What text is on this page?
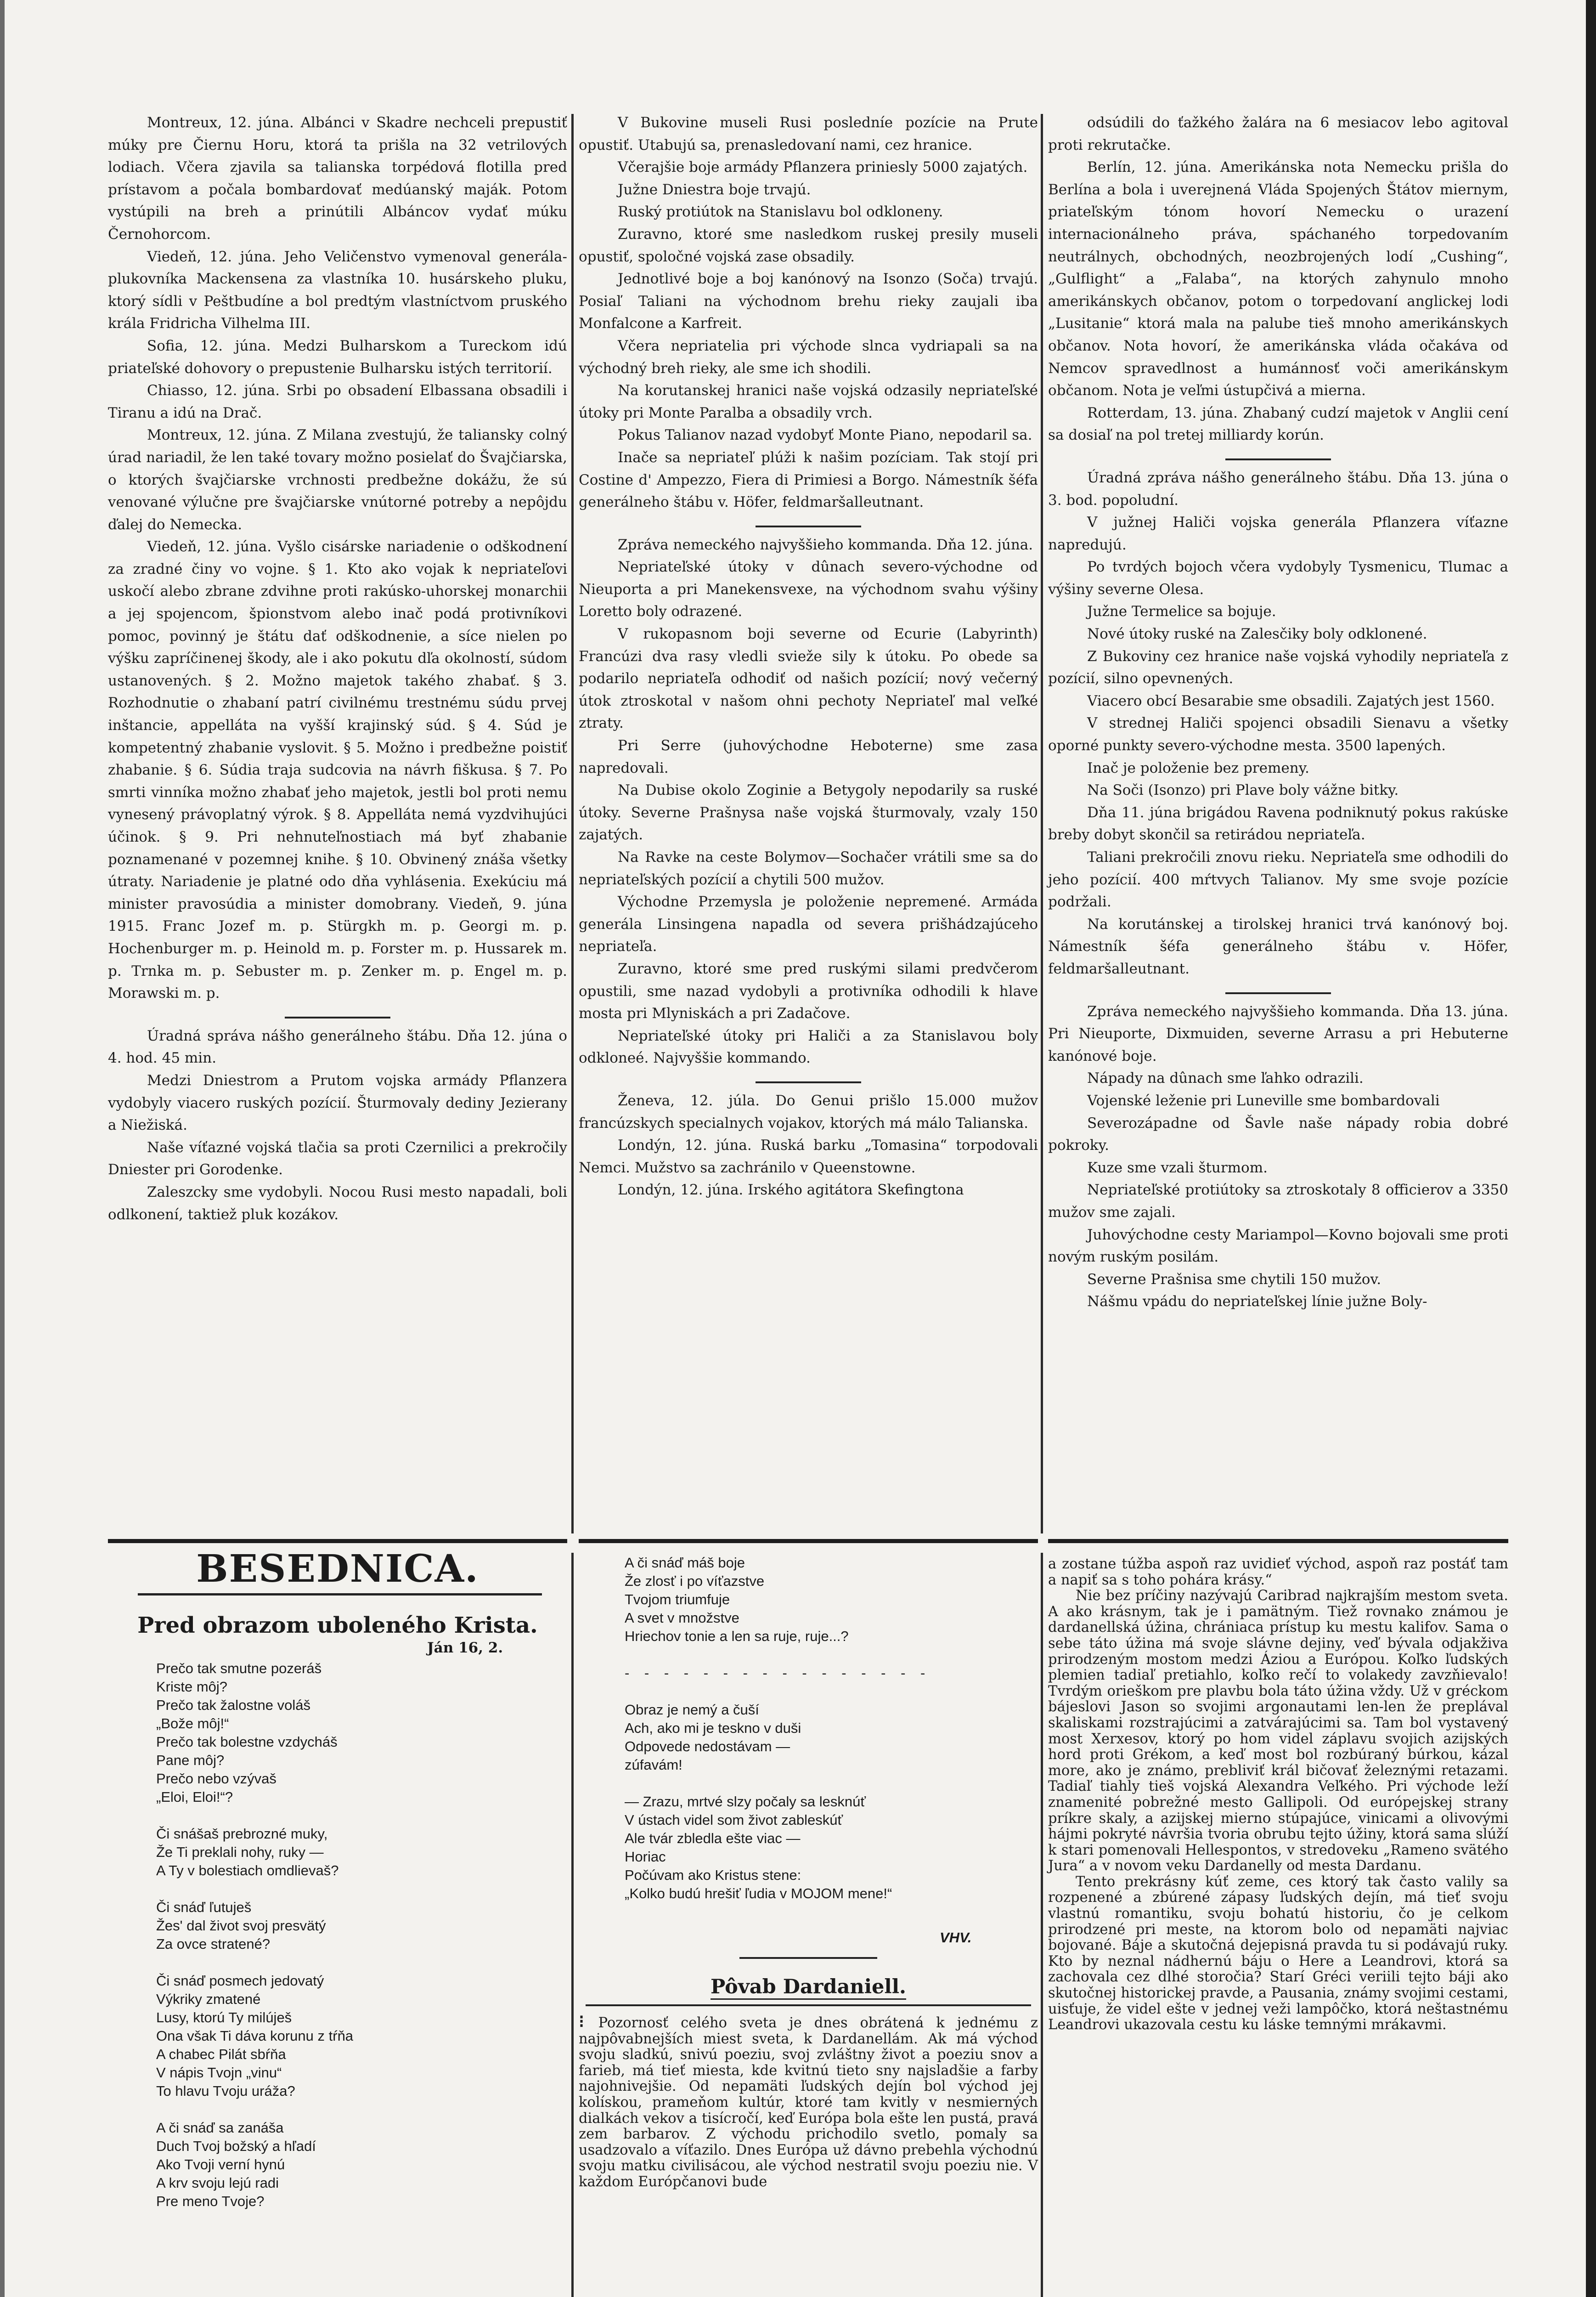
Montreux, 12. júna. Albánci v Skadre nechceli prepustiť múky pre Čiernu Horu, ktorá ta prišla na 32 vetrilových lodiach. Včera zjavila sa talianska torpédová flotilla pred prístavom a počala bombardovať medúanský maják. Potom vystúpili na breh a prinútili Albáncov vydať múku Černohorcom.

Viedeň, 12. júna. Jeho Veličenstvo vymenoval generála-plukovníka Mackensena za vlastníka 10. husárskeho pluku, ktorý sídli v Peštbudíne a bol predtým vlastníctvom pruského krála Fridricha Vilhelma III.

Sofia, 12. júna. Medzi Bulharskom a Tureckom idú priateľské dohovory o prepustenie Bulharsku istých territorií.

Chiasso, 12. júna. Srbi po obsadení Elbassana obsadili i Tiranu a idú na Drač.

Montreux, 12. júna. Z Milana zvestujú, že taliansky colný úrad nariadil, že len také tovary možno posielať do Švajčiarska, o ktorých švajčiarske vrchnosti predbežne dokážu, že sú venované výlučne pre švajčiarske vnútorné potreby a nepôjdu ďalej do Nemecka.

Viedeň, 12. júna. Vyšlo cisárske nariadenie o odškodnení za zradné činy vo vojne. § 1. Kto ako vojak k nepriateľovi uskočí alebo zbrane zdvihne proti rakúsko-uhorskej monarchii a jej spojencom, špionstvom alebo inač podá protivníkovi pomoc, povinný je štátu dať odškodnenie, a síce nielen po výšku zapríčinenej škody, ale i ako pokutu dľa okolností, súdom ustanovených. § 2. Možno majetok takého zhabať. § 3. Rozhodnutie o zhabaní patrí civilnému trestnému súdu prvej inštancie, appelláta na vyšší krajinský súd. § 4. Súd je kompetentný zhabanie vyslovit. § 5. Možno i predbežne poistiť zhabanie. § 6. Súdia traja sudcovia na návrh fiškusa. § 7. Po smrti vinníka možno zhabať jeho majetok, jestli bol proti nemu vynesený právoplatný výrok. § 8. Appelláta nemá vyzdvihujúci účinok. § 9. Pri nehnuteľnostiach má byť zhabanie poznamenané v pozemnej knihe. § 10. Obvinený znáša všetky útraty. Nariadenie je platné odo dňa vyhlásenia. Exekúciu má minister pravosúdia a minister domobrany. Viedeň, 9. júna 1915. Franc Jozef m. p. Stürgkh m. p. Georgi m. p. Hochenburger m. p. Heinold m. p. Forster m. p. Hussarek m. p. Trnka m. p. Sebuster m. p. Zenker m. p. Engel m. p. Morawski m. p.

Úradná správa nášho generálneho štábu. Dňa 12. júna o 4. hod. 45 min.

Medzi Dniestrom a Prutom vojska armády Pflanzera vydobyly viacero ruských pozícií. Šturmovaly dediny Jezierany a Niežiská.

Naše víťazné vojská tlačia sa proti Czernilici a prekročily Dniester pri Gorodenke.

Zaleszcky sme vydobyli. Nocou Rusi mesto napadali, boli odlkonení, taktiež pluk kozákov.

V Bukovine museli Rusi posledníe pozície na Prute opustiť. Utabujú sa, prenasledovaní nami, cez hranice.

Včerajšie boje armády Pflanzera priniesly 5000 zajatých.

Južne Dniestra boje trvajú.

Ruský protiútok na Stanislavu bol odkloneny.

Zuravno, ktoré sme nasledkom ruskej presily museli opustiť, spoločné vojská zase obsadily.

Jednotlivé boje a boj kanónový na Isonzo (Soča) trvajú. Posiaľ Taliani na východnom brehu rieky zaujali iba Monfalcone a Karfreit.

Včera nepriatelia pri východe slnca vydriapali sa na východný breh rieky, ale sme ich shodili.

Na korutanskej hranici naše vojská odzasily nepriateľské útoky pri Monte Paralba a obsadily vrch.

Pokus Talianov nazad vydobyť Monte Piano, nepodaril sa.

Inače sa nepriateľ plúži k našim pozíciam. Tak stojí pri Costine d' Ampezzo, Fiera di Primiesi a Borgo. Námestník šéfa generálneho štábu v. Höfer, feldmaršalleutnant.

Zpráva nemeckého najvyššieho kommanda. Dňa 12. júna.

Nepriateľské útoky v dûnach severo-východne od Nieuporta a pri Manekensvexe, na východnom svahu výšiny Loretto boly odrazené.

V rukopasnom boji severne od Ecurie (Labyrinth) Francúzi dva rasy vledli svieže sily k útoku. Po obede sa podarilo nepriateľa odhodiť od našich pozícií; nový večerný útok ztroskotal v našom ohni pechoty Nepriateľ mal veľké ztraty.

Pri Serre (juhovýchodne Heboterne) sme zasa napredovali.

Na Dubise okolo Zoginie a Betygoly nepodarily sa ruské útoky. Severne Prašnysa naše vojská šturmovaly, vzaly 150 zajatých.

Na Ravke na ceste Bolymov—Sochačer vrátili sme sa do nepriateľských pozícií a chytili 500 mužov.

Východne Przemysla je položenie nepremené. Armáda generála Linsingena napadla od severa prišhádzajúceho nepriateľa.

Zuravno, ktoré sme pred ruskými silami predvčerom opustili, sme nazad vydobyli a protivníka odhodili k hlave mosta pri Mlyniskách a pri Zadačove.

Nepriateľské útoky pri Haliči a za Stanislavou boly odkloneé. Najvyššie kommando.

Ženeva, 12. júla. Do Genui prišlo 15.000 mužov francúzskych specialnych vojakov, ktorých má málo Talianska.

Londýn, 12. júna. Ruská barku „Tomasina“ torpodovali Nemci. Mužstvo sa zachránilo v Queenstowne.

Londýn, 12. júna. Irského agitátora Skefingtona

odsúdili do ťažkého žalára na 6 mesiacov lebo agitoval proti rekrutačke.

Berlín, 12. júna. Amerikánska nota Nemecku prišla do Berlína a bola i uverejnená Vláda Spojených Štátov miernym, priateľským tónom hovorí Nemecku o urazení internacionálneho práva, spáchaného torpedovaním neutrálnych, obchodných, neozbrojených lodí „Cushing“, „Gulflight“ a „Falaba“, na ktorých zahynulo mnoho amerikánskych občanov, potom o torpedovaní anglickej lodi „Lusitanie“ ktorá mala na palube tieš mnoho amerikánskych občanov. Nota hovorí, že amerikánska vláda očakáva od Nemcov spravedlnost a humánnosť voči amerikánskym občanom. Nota je veľmi ústupčivá a mierna.

Rotterdam, 13. júna. Zhabaný cudzí majetok v Anglii cení sa dosiaľ na pol tretej milliardy korún.

Úradná zpráva nášho generálneho štábu. Dňa 13. júna o 3. bod. popoludní.

V južnej Haliči vojska generála Pflanzera víťazne napredujú.

Po tvrdých bojoch včera vydobyly Tysmenicu, Tlumac a výšiny severne Olesa.

Južne Termelice sa bojuje.

Nové útoky ruské na Zalesčiky boly odklonené.

Z Bukoviny cez hranice naše vojská vyhodily nepriateľa z pozícií, silno opevnených.

Viacero obcí Besarabie sme obsadili. Zajatých jest 1560.

V strednej Haliči spojenci obsadili Sienavu a všetky oporné punkty severo-východne mesta. 3500 lapených.

Inač je položenie bez premeny.

Na Soči (Isonzo) pri Plave boly vážne bitky.

Dňa 11. júna brigádou Ravena podniknutý pokus rakúske breby dobyt skončil sa retirádou nepriateľa.

Taliani prekročili znovu rieku. Nepriateľa sme odhodili do jeho pozícií. 400 mŕtvych Talianov. My sme svoje pozície podržali.

Na korutánskej a tirolskej hranici trvá kanónový boj. Námestník šéfa generálneho štábu v. Höfer, feldmaršalleutnant.

Zpráva nemeckého najvyššieho kommanda. Dňa 13. júna. Pri Nieuporte, Dixmuiden, severne Arrasu a pri Hebuterne kanónové boje.

Nápady na dûnach sme ľahko odrazili.

Vojenské leženie pri Luneville sme bombardovali

Severozápadne od Šavle naše nápady robia dobré pokroky.

Kuze sme vzali šturmom.

Nepriateľské protiútoky sa ztroskotaly 8 officierov a 3350 mužov sme zajali.

Juhovýchodne cesty Mariampol—Kovno bojovali sme proti novým ruským posilám.

Severne Prašnisa sme chytili 150 mužov.

Nášmu vpádu do nepriateľskej línie južne Boly-

BESEDNICA.
Pred obrazom uboleného Krista.
Ján 16, 2.
Prečo tak smutne pozeráš
Kriste môj?
Prečo tak žalostne voláš
„Bože môj!“
Prečo tak bolestne vzdycháš
Pane môj?
Prečo nebo vzývaš
„Eloi, Eloi!“?
Či snášaš prebrozné muky,
Že Ti preklali nohy, ruky —
A Ty v bolestiach omdlievaš?
Či snáď ľutuješ
Žes' dal život svoj presvätý
Za ovce stratené?
Či snáď posmech jedovatý
Výkriky zmatené
Lusy, ktorú Ty milúješ
Ona však Ti dáva korunu z tŕňa
A chabec Pilát sbŕňa
V nápis Tvojn „vinu“
To hlavu Tvoju uráža?
A či snáď sa zanáša
Duch Tvoj božský a hľadí
Ako Tvoji verní hynú
A krv svoju lejú radi
Pre meno Tvoje?
A či snáď máš boje
Že zlosť i po víťazstve
Tvojom triumfuje
A svet v množstve
Hriechov tonie a len sa ruje, ruje...?
- - - - - - - - - - - - - - - -
Obraz je nemý a čuší
Ach, ako mi je teskno v duši
Odpovede nedostávam —
zúfavám!
— Zrazu, mrtvé slzy počaly sa lesknúť
V ústach videl som život zableskúť
Ale tvár zbledla ešte viac —
Horiac
Počúvam ako Kristus stene:
„Kolko budú hrešiť ľudia v MOJOM mene!“
VHV.
Pôvab Dardaniell.

⁝ Pozornosť celého sveta je dnes obrátená k jednému z najpôvabnejších miest sveta, k Dardanellám. Ak má východ svoju sladkú, snivú poeziu, svoj zvláštny život a poeziu snov a farieb, má tieť miesta, kde kvitnú tieto sny najsladšie a farby najohnivejšie. Od nepamäti ľudských dejín bol východ jej kolískou, prameňom kultúr, ktoré tam kvitly v nesmierných dialkách vekov a tisícročí, keď Európa bola ešte len pustá, pravá zem barbarov. Z východu prichodilo svetlo, pomaly sa usadzovalo a víťazilo. Dnes Európa už dávno prebehla východnú svoju matku civilisácou, ale východ nestratil svoju poeziu nie. V každom Európčanovi bude

a zostane túžba aspoň raz uvidieť východ, aspoň raz postáť tam a napiť sa s toho pohára krásy.“

Nie bez príčiny nazývajú Caribrad najkrajším mestom sveta. A ako krásnym, tak je i pamätným. Tiež rovnako známou je dardanellská úžina, chrániaca prístup ku mestu kalifov. Sama o sebe táto úžina má svoje slávne dejiny, veď bývala odjakživa prirodzeným mostom medzi Áziou a Európou. Koľko ľudských plemien tadiaľ pretiahlo, koľko rečí to volakedy zavzňievalo! Tvrdým orieškom pre plavbu bola táto úžina vždy. Už v gréckom bájeslovi Jason so svojimi argonautami len-len že preplával skaliskami rozstrajúcimi a zatvárajúcimi sa. Tam bol vystavený most Xerxesov, ktorý po hom videl záplavu svojich azijských hord proti Grékom, a keď most bol rozbúraný búrkou, kázal more, ako je známo, prebliviť král bičovať železnými retazami. Tadiaľ tiahly tieš vojská Alexandra Veľkého. Pri východe leží znamenité pobrežné mesto Gallipoli. Od európejskej strany príkre skaly, a azijskej mierno stúpajúce, vinicami a olivovými hájmi pokryté návršia tvoria obrubu tejto úžiny, ktorá sama slúží k stari pomenovali Hellespontos, v stredoveku „Rameno svätého Jura“ a v novom veku Dardanelly od mesta Dardanu.

Tento prekrásny kúť zeme, ces ktorý tak často valily sa rozpenené a zbúrené zápasy ľudských dejín, má tieť svoju vlastnú romantiku, svoju bohatú historiu, čo je celkom prirodzené pri meste, na ktorom bolo od nepamäti najviac bojované. Báje a skutočná dejepisná pravda tu si podávajú ruky. Kto by neznal nádhernú báju o Here a Leandrovi, ktorá sa zachovala cez dlhé storočia? Starí Gréci veriili tejto báji ako skutočnej historickej pravde, a Pausania, známy svojimi cestami, uisťuje, že videl ešte v jednej veži lampôčko, ktorá neštastnému Leandrovi ukazovala cestu ku láske temnými mrákavmi.
